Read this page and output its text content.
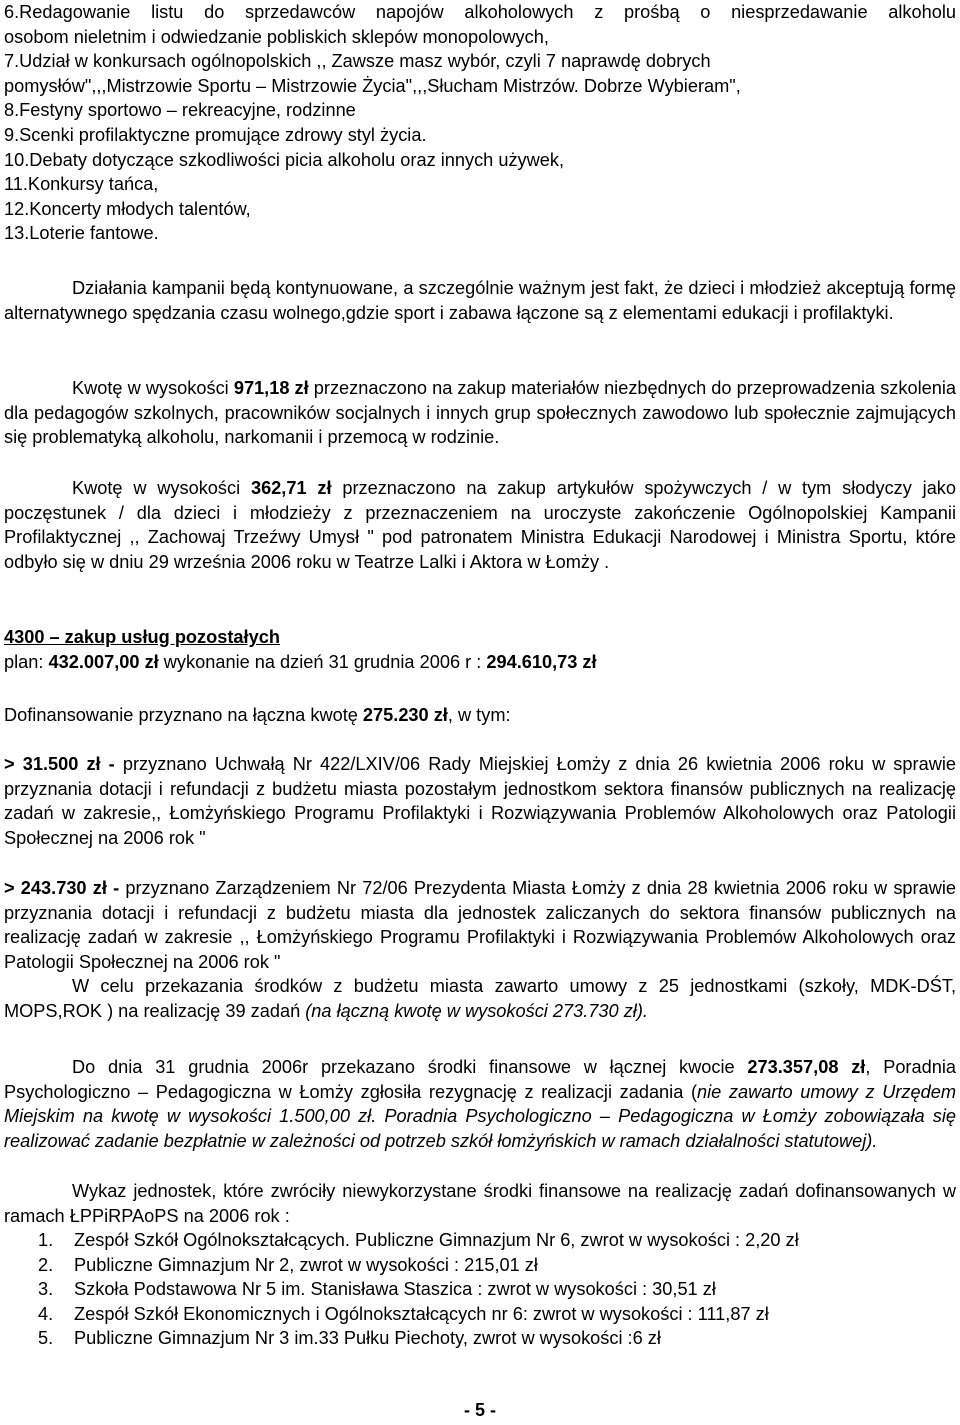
6.Redagowanie listu do sprzedawców napojów alkoholowych z prośbą o niesprzedawanie alkoholu
osobom nieletnim i odwiedzanie pobliskich sklepów monopolowych,
7.Udział w konkursach ogólnopolskich ,, Zawsze masz wybór, czyli 7 naprawdę dobrych
pomysłów",,,Mistrzowie Sportu – Mistrzowie Życia",,,Słucham Mistrzów. Dobrze Wybieram",
8.Festyny sportowo – rekreacyjne, rodzinne
9.Scenki profilaktyczne promujące zdrowy styl życia.
10.Debaty dotyczące szkodliwości picia alkoholu oraz innych używek,
11.Konkursy tańca,
12.Koncerty młodych talentów,
13.Loterie fantowe.
Działania kampanii będą kontynuowane, a szczególnie ważnym jest fakt, że dzieci i młodzież akceptują formę alternatywnego spędzania czasu wolnego,gdzie sport i zabawa łączone są z elementami edukacji i profilaktyki.
Kwotę w wysokości 971,18 zł przeznaczono na zakup materiałów niezbędnych do przeprowadzenia szkolenia dla pedagogów szkolnych, pracowników socjalnych i innych grup społecznych zawodowo lub społecznie zajmujących się problematyką alkoholu, narkomanii i przemocą w rodzinie.
Kwotę w wysokości 362,71 zł przeznaczono na zakup artykułów spożywczych / w tym słodyczy jako poczęstunek / dla dzieci i młodzieży z przeznaczeniem na uroczyste zakończenie Ogólnopolskiej Kampanii Profilaktycznej ,, Zachowaj Trzeźwy Umysł " pod patronatem Ministra Edukacji Narodowej i Ministra Sportu, które odbyło się w dniu 29 września 2006 roku w Teatrze Lalki i Aktora w Łomży .
4300 – zakup usług pozostałych
plan: 432.007,00 zł wykonanie na dzień 31 grudnia 2006 r : 294.610,73 zł
Dofinansowanie przyznano na łączna kwotę 275.230 zł, w tym:
> 31.500 zł - przyznano Uchwałą Nr 422/LXIV/06 Rady Miejskiej Łomży z dnia 26 kwietnia 2006 roku w sprawie przyznania dotacji i refundacji z budżetu miasta pozostałym jednostkom sektora finansów publicznych na realizację zadań w zakresie,, Łomżyńskiego Programu Profilaktyki i Rozwiązywania Problemów Alkoholowych oraz Patologii Społecznej na 2006 rok "
> 243.730 zł - przyznano Zarządzeniem Nr 72/06 Prezydenta Miasta Łomży z dnia 28 kwietnia 2006 roku w sprawie przyznania dotacji i refundacji z budżetu miasta dla jednostek zaliczanych do sektora finansów publicznych na realizację zadań w zakresie ,, Łomżyńskiego Programu Profilaktyki i Rozwiązywania Problemów Alkoholowych oraz Patologii Społecznej na 2006 rok "
W celu przekazania środków z budżetu miasta zawarto umowy z 25 jednostkami (szkoły, MDK-DŚT, MOPS,ROK ) na realizację 39 zadań (na łączną kwotę w wysokości 273.730 zł).
Do dnia 31 grudnia 2006r przekazano środki finansowe w łącznej kwocie 273.357,08 zł, Poradnia Psychologiczno – Pedagogiczna w Łomży zgłosiła rezygnację z realizacji zadania (nie zawarto umowy z Urzędem Miejskim na kwotę w wysokości 1.500,00 zł. Poradnia Psychologiczno – Pedagogiczna w Łomży zobowiązała się realizować zadanie bezpłatnie w zależności od potrzeb szkół łomżyńskich w ramach działalności statutowej).
Wykaz jednostek, które zwróciły niewykorzystane środki finansowe na realizację zadań dofinansowanych w ramach ŁPPiRPAoPS na 2006 rok :
1. Zespół Szkół Ogólnokształcących. Publiczne Gimnazjum Nr 6, zwrot w wysokości : 2,20 zł
2. Publiczne Gimnazjum Nr 2, zwrot w wysokości : 215,01 zł
3. Szkoła Podstawowa Nr 5 im. Stanisława Staszica : zwrot w wysokości : 30,51 zł
4. Zespół Szkół Ekonomicznych i Ogólnokształcących nr 6: zwrot w wysokości : 111,87 zł
5. Publiczne Gimnazjum Nr 3 im.33 Pułku Piechoty, zwrot w wysokości :6 zł
- 5 -
